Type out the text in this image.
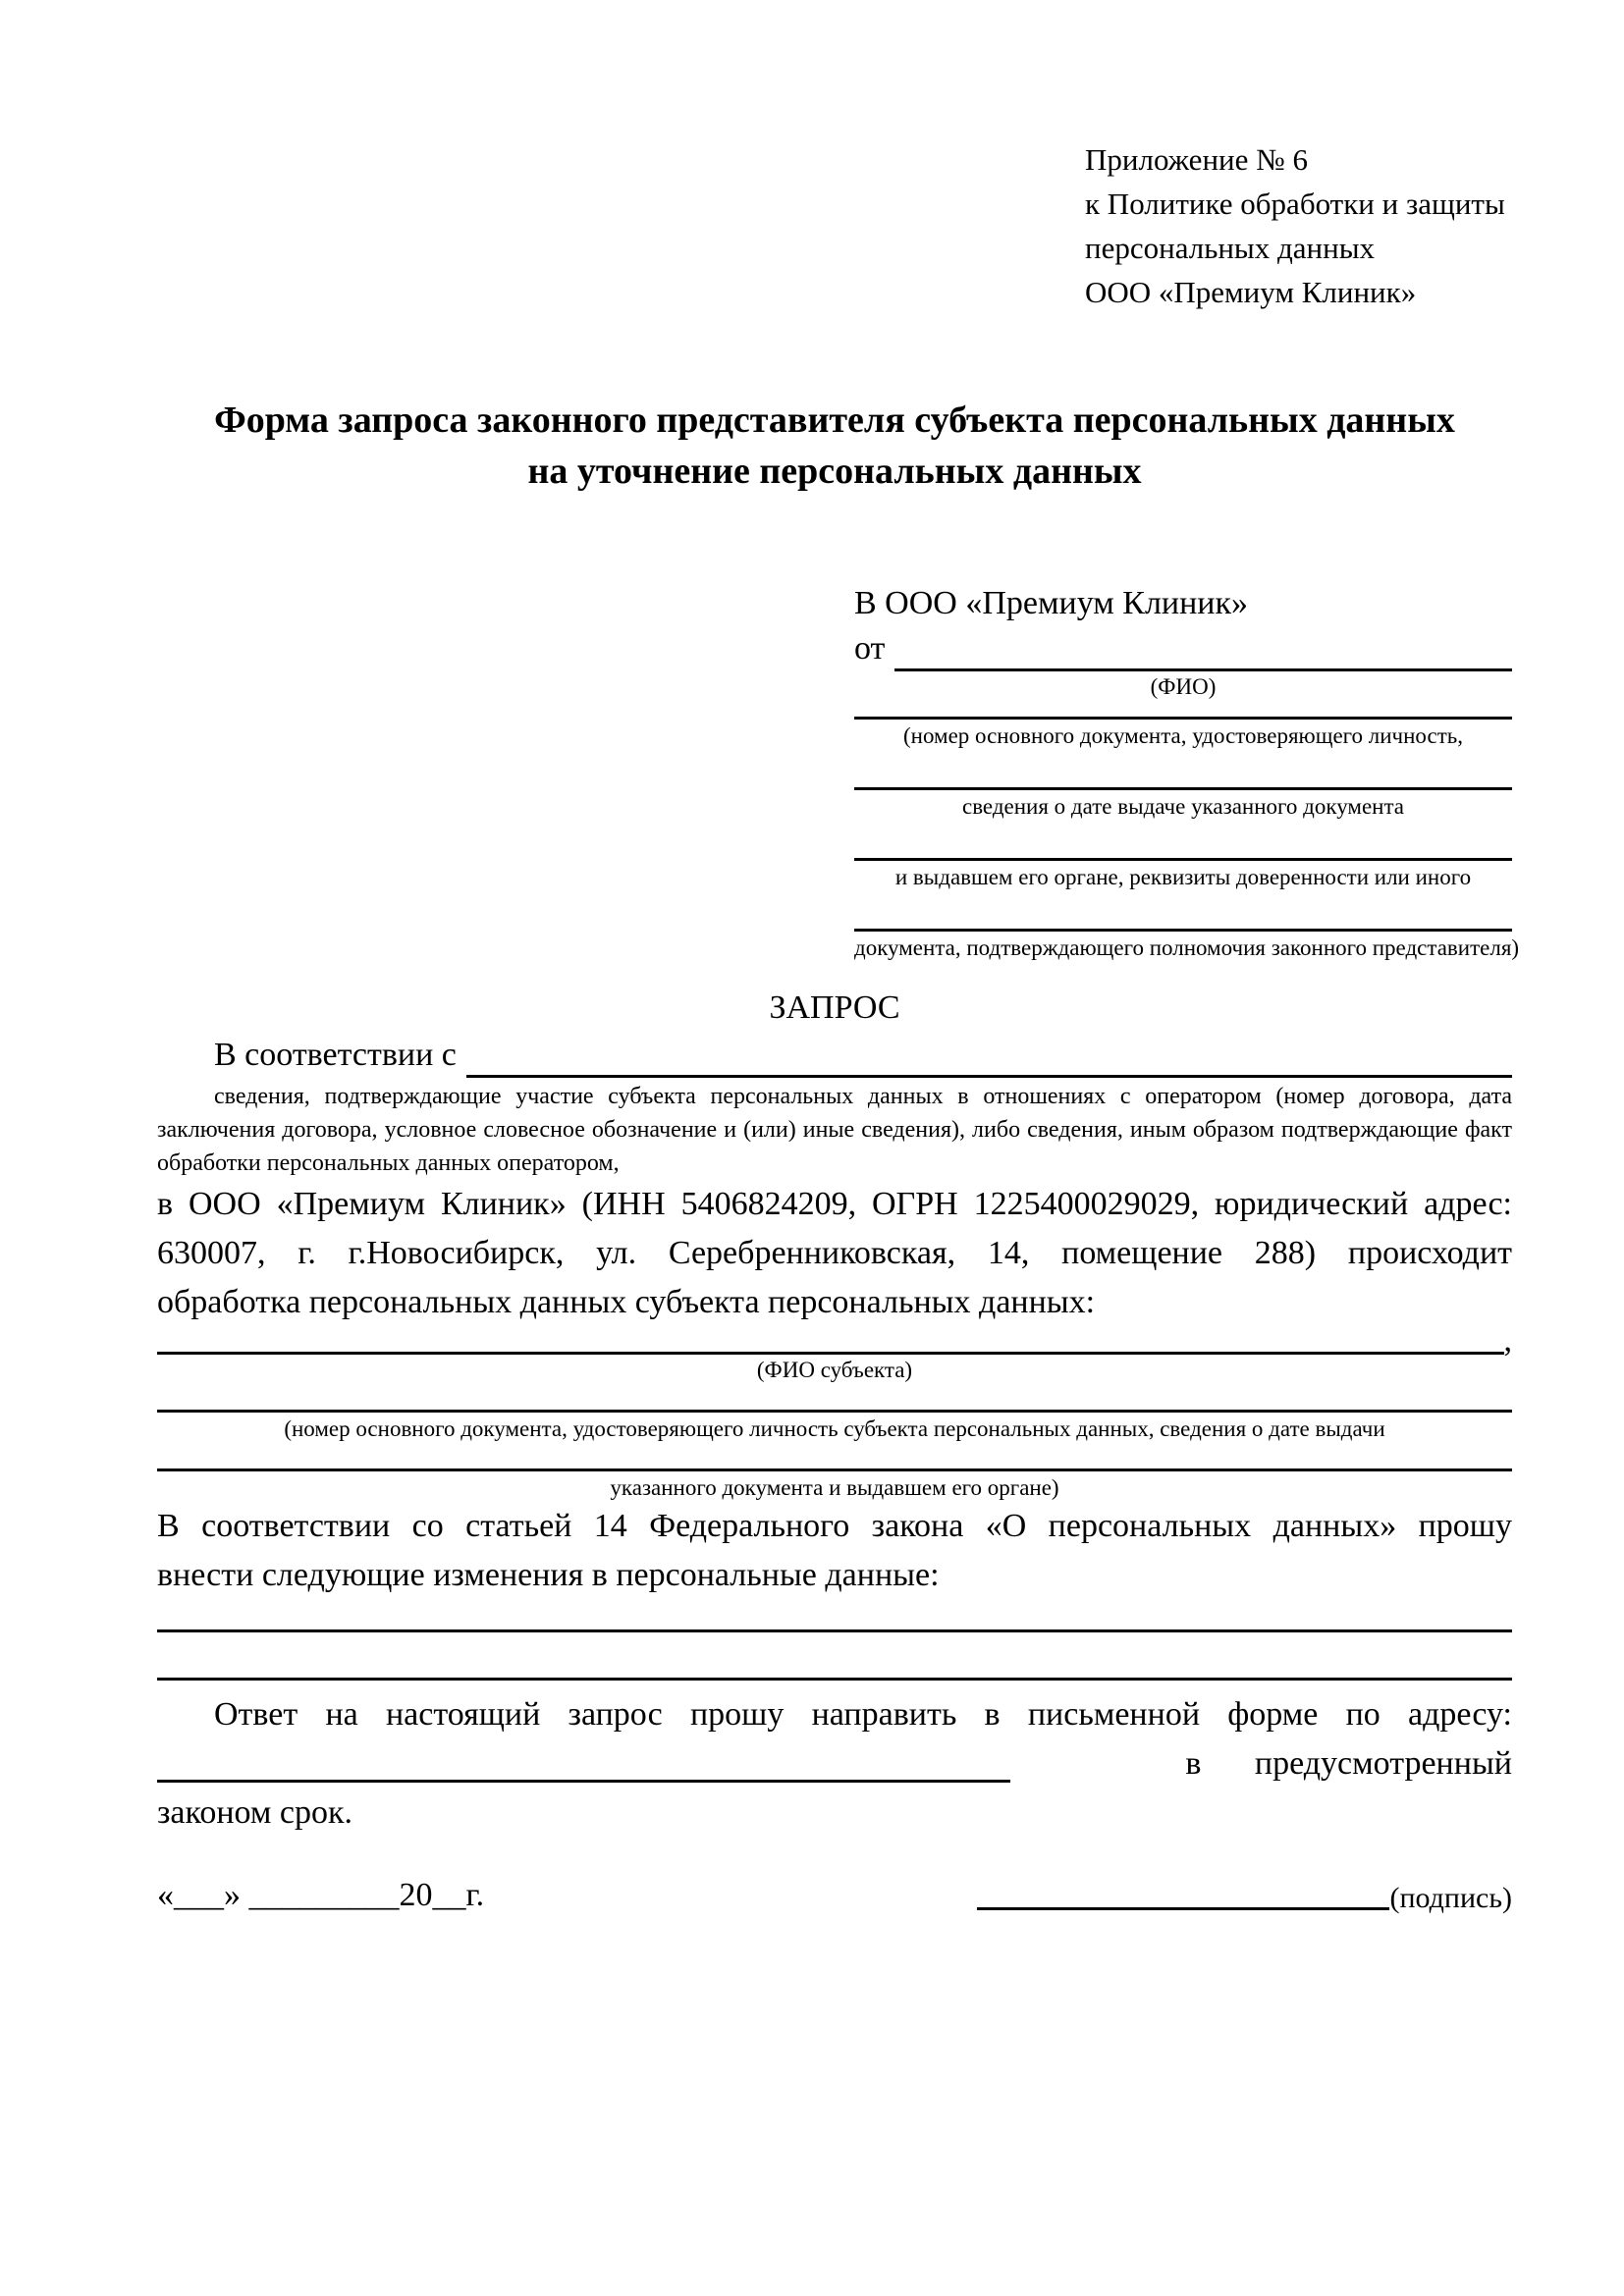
Приложение № 6
к Политике обработки и защиты
персональных данных
ООО «Премиум Клиник»
Форма запроса законного представителя субъекта персональных данных
на уточнение персональных данных
В ООО «Премиум Клиник»
от
(ФИО)
(номер основного документа, удостоверяющего личность,
сведения о дате выдаче указанного документа
и выдавшем его органе, реквизиты доверенности или иного
документа, подтверждающего полномочия законного представителя)
ЗАПРОС
В соответствии с
сведения, подтверждающие участие субъекта персональных данных в отношениях с оператором (номер договора, дата
заключения договора, условное словесное обозначение и (или) иные сведения), либо сведения, иным образом подтверждающие факт
обработки персональных данных оператором,
в ООО «Премиум Клиник» (ИНН 5406824209, ОГРН 1225400029029, юридический адрес:
630007, г. г.Новосибирск, ул. Серебренниковская, 14, помещение 288) происходит
обработка персональных данных субъекта персональных данных:
,
(ФИО субъекта)
(номер основного документа, удостоверяющего личность субъекта персональных данных, сведения о дате выдачи
указанного документа и выдавшем его органе)
В соответствии со статьей 14 Федерального закона «О персональных данных» прошу
внести следующие изменения в персональные данные:
Ответ на настоящий запрос прошу направить в письменной форме по адресу:
в предусмотренный
законом срок.
«___» _________20__г.	(подпись)
